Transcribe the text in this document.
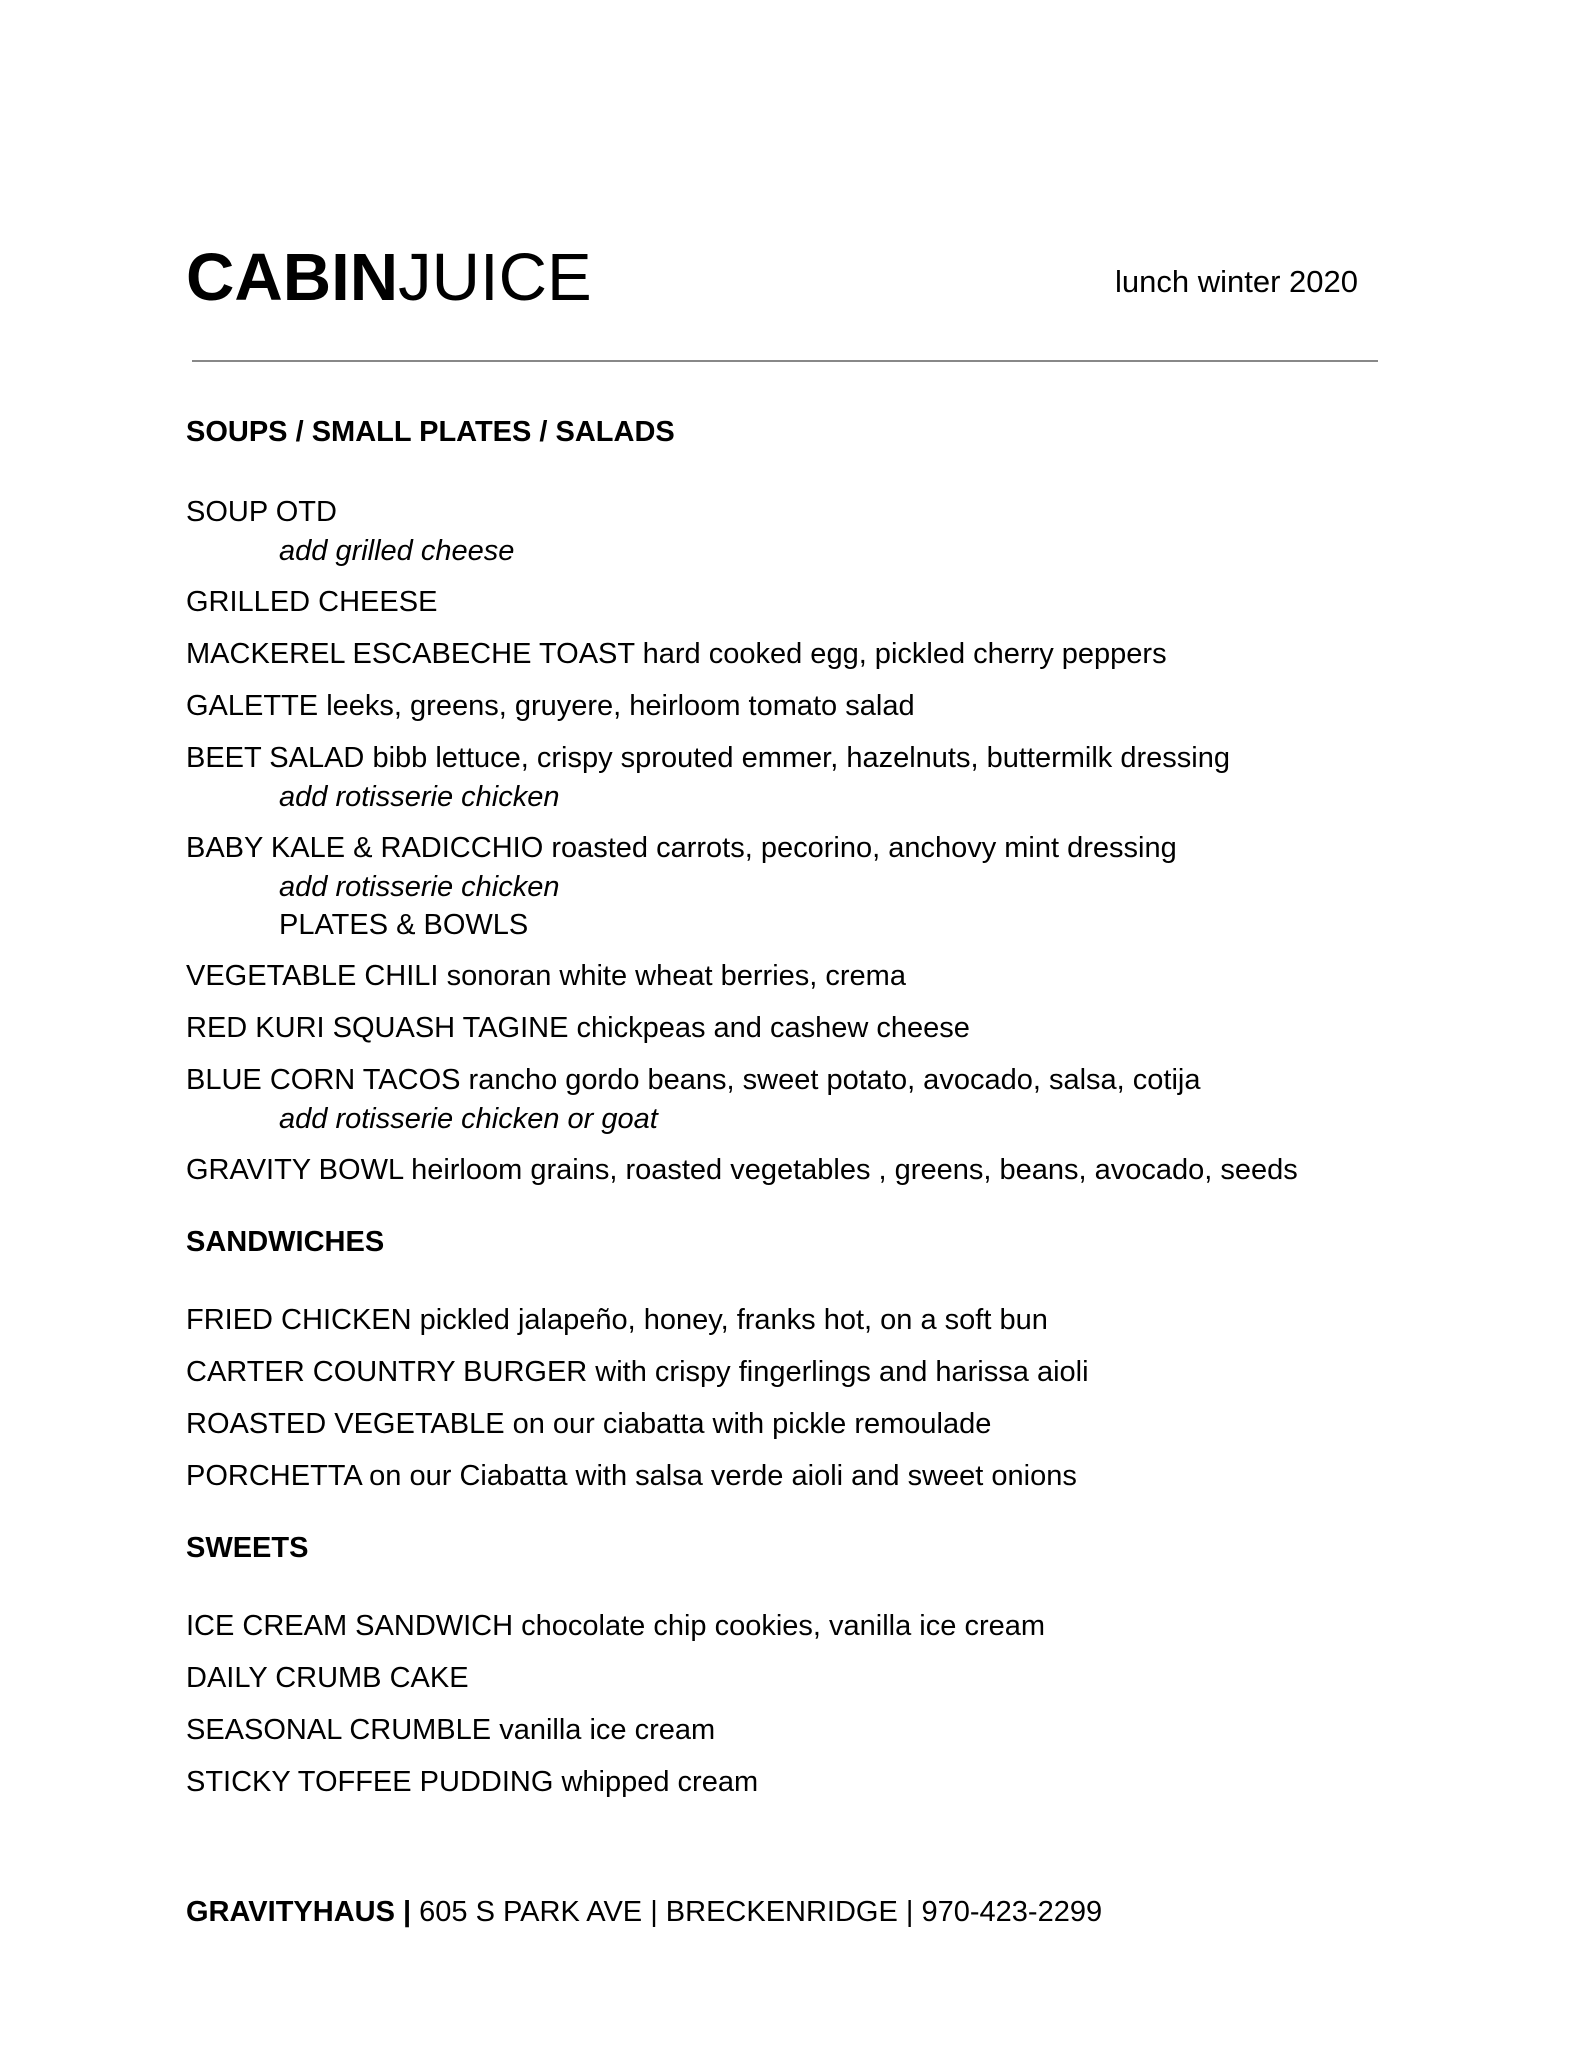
CABINJUICE	lunch winter 2020
SOUPS / SMALL PLATES / SALADS
SOUP OTD
add grilled cheese
GRILLED CHEESE
MACKEREL ESCABECHE TOAST hard cooked egg, pickled cherry peppers
GALETTE leeks, greens, gruyere, heirloom tomato salad
BEET SALAD bibb lettuce, crispy sprouted emmer, hazelnuts, buttermilk dressing
add rotisserie chicken
BABY KALE & RADICCHIO roasted carrots, pecorino, anchovy mint dressing
add rotisserie chicken
PLATES & BOWLS
VEGETABLE CHILI sonoran white wheat berries, crema
RED KURI SQUASH TAGINE chickpeas and cashew cheese
BLUE CORN TACOS rancho gordo beans, sweet potato, avocado, salsa, cotija
add rotisserie chicken or goat
GRAVITY BOWL heirloom grains, roasted vegetables , greens, beans, avocado, seeds
SANDWICHES
FRIED CHICKEN pickled jalapeño, honey, franks hot, on a soft bun
CARTER COUNTRY BURGER with crispy fingerlings and harissa aioli
ROASTED VEGETABLE on our ciabatta with pickle remoulade
PORCHETTA on our Ciabatta with salsa verde aioli and sweet onions
SWEETS
ICE CREAM SANDWICH chocolate chip cookies, vanilla ice cream
DAILY CRUMB CAKE
SEASONAL CRUMBLE vanilla ice cream
STICKY TOFFEE PUDDING whipped cream
GRAVITYHAUS | 605 S PARK AVE | BRECKENRIDGE | 970-423-2299
